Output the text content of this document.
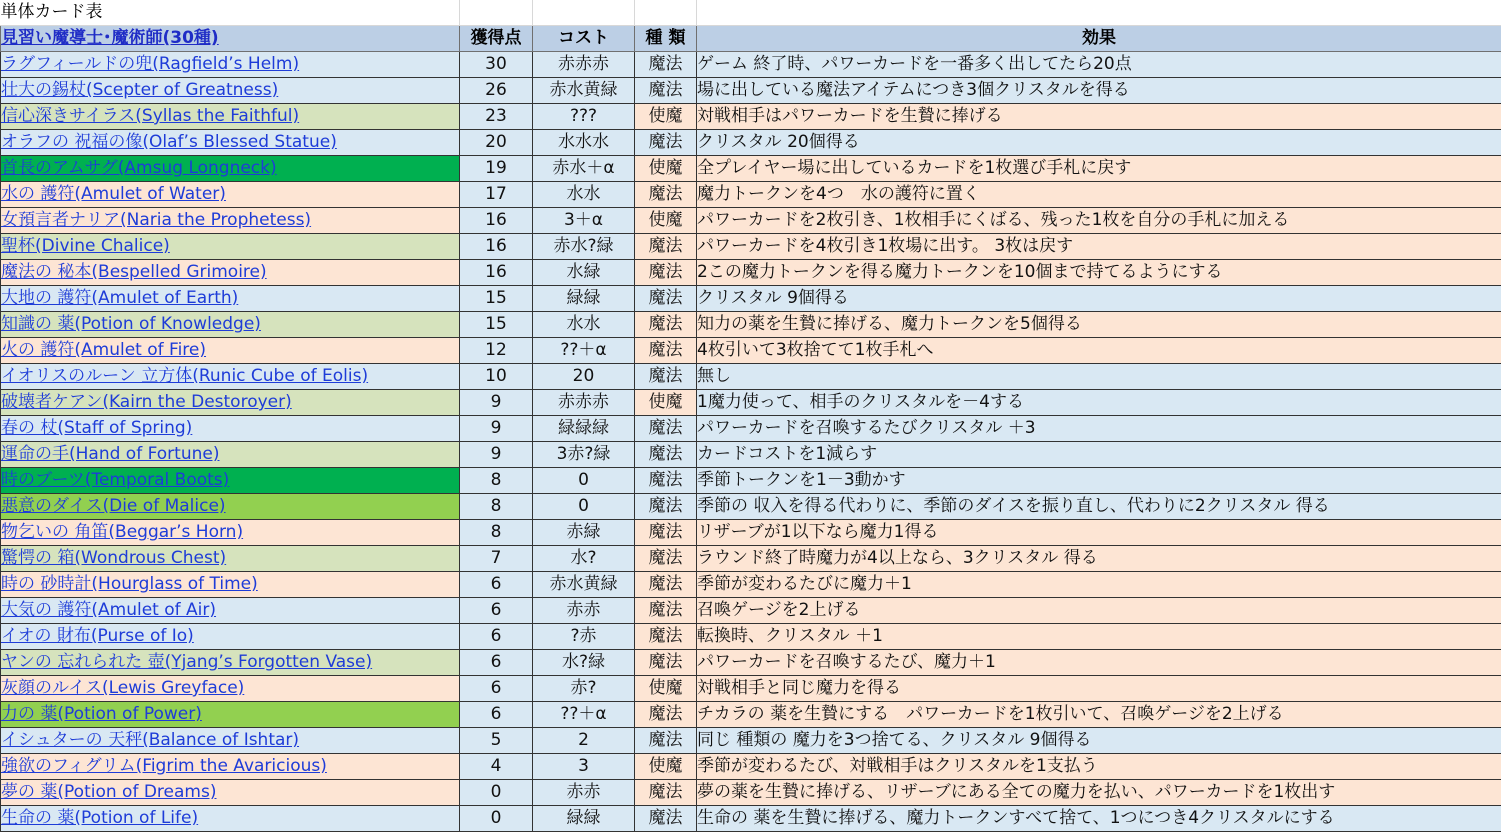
単体カード表				
見習い魔導士･魔術師(30種)	獲得点	コスト	種 類	効果
ラグフィールドの兜(Ragfield’s Helm)	30	赤赤赤	魔法	ゲーム 終了時、パワーカードを一番多く出してたら20点
壮大の錫杖(Scepter of Greatness)	26	赤水黄緑	魔法	場に出している魔法アイテムにつき3個クリスタルを得る
信心深きサイラス(Syllas the Faithful)	23	???	使魔	対戦相手はパワーカードを生贄に捧げる
オラフの 祝福の像(Olaf’s Blessed Statue)	20	水水水	魔法	クリスタル 20個得る
首長のアムサグ(Amsug Longneck)	19	赤水＋α	使魔	全プレイヤー場に出しているカードを1枚選び手札に戻す
水の 護符(Amulet of Water)	17	水水	魔法	魔力トークンを4つ　水の護符に置く
女預言者ナリア(Naria the Prophetess)	16	3＋α	使魔	パワーカードを2枚引き、1枚相手にくばる、残った1枚を自分の手札に加える
聖杯(Divine Chalice)	16	赤水?緑	魔法	パワーカードを4枚引き1枚場に出す。 3枚は戻す
魔法の 秘本(Bespelled Grimoire)	16	水緑	魔法	2この魔力トークンを得る魔力トークンを10個まで持てるようにする
大地の 護符(Amulet of Earth)	15	緑緑	魔法	クリスタル 9個得る
知識の 薬(Potion of Knowledge)	15	水水	魔法	知力の薬を生贄に捧げる、魔力トークンを5個得る
火の 護符(Amulet of Fire)	12	??＋α	魔法	4枚引いて3枚捨てて1枚手札へ
イオリスのルーン 立方体(Runic Cube of Eolis)	10	20	魔法	無し
破壊者ケアン(Kairn the Destoroyer)	9	赤赤赤	使魔	1魔力使って、相手のクリスタルを－4する
春の 杖(Staff of Spring)	9	緑緑緑	魔法	パワーカードを召喚するたびクリスタル ＋3
運命の手(Hand of Fortune)	9	3赤?緑	魔法	カードコストを1減らす
時のブーツ(Temporal Boots)	8	0	魔法	季節トークンを1－3動かす
悪意のダイス(Die of Malice)	8	0	魔法	季節の 収入を得る代わりに、季節のダイスを振り直し、代わりに2クリスタル 得る
物乞いの 角笛(Beggar’s Horn)	8	赤緑	魔法	リザーブが1以下なら魔力1得る
驚愕の 箱(Wondrous Chest)	7	水?	魔法	ラウンド終了時魔力が4以上なら、3クリスタル 得る
時の 砂時計(Hourglass of Time)	6	赤水黄緑	魔法	季節が変わるたびに魔力＋1
大気の 護符(Amulet of Air)	6	赤赤	魔法	召喚ゲージを2上げる
イオの 財布(Purse of Io)	6	?赤	魔法	転換時、クリスタル ＋1
ヤンの 忘れられた 壺(Yjang’s Forgotten Vase)	6	水?緑	魔法	パワーカードを召喚するたび、魔力＋1
灰顔のルイス(Lewis Greyface)	6	赤?	使魔	対戦相手と同じ魔力を得る
力の 薬(Potion of Power)	6	??＋α	魔法	チカラの 薬を生贄にする　パワーカードを1枚引いて、召喚ゲージを2上げる
イシュターの 天秤(Balance of Ishtar)	5	2	魔法	同じ 種類の 魔力を3つ捨てる、クリスタル 9個得る
強欲のフィグリム(Figrim the Avaricious)	4	3	使魔	季節が変わるたび、対戦相手はクリスタルを1支払う
夢の 薬(Potion of Dreams)	0	赤赤	魔法	夢の薬を生贄に捧げる、リザーブにある全ての魔力を払い、パワーカードを1枚出す
生命の 薬(Potion of Life)	0	緑緑	魔法	生命の 薬を生贄に捧げる、魔力トークンすべて捨て、1つにつき4クリスタルにする
